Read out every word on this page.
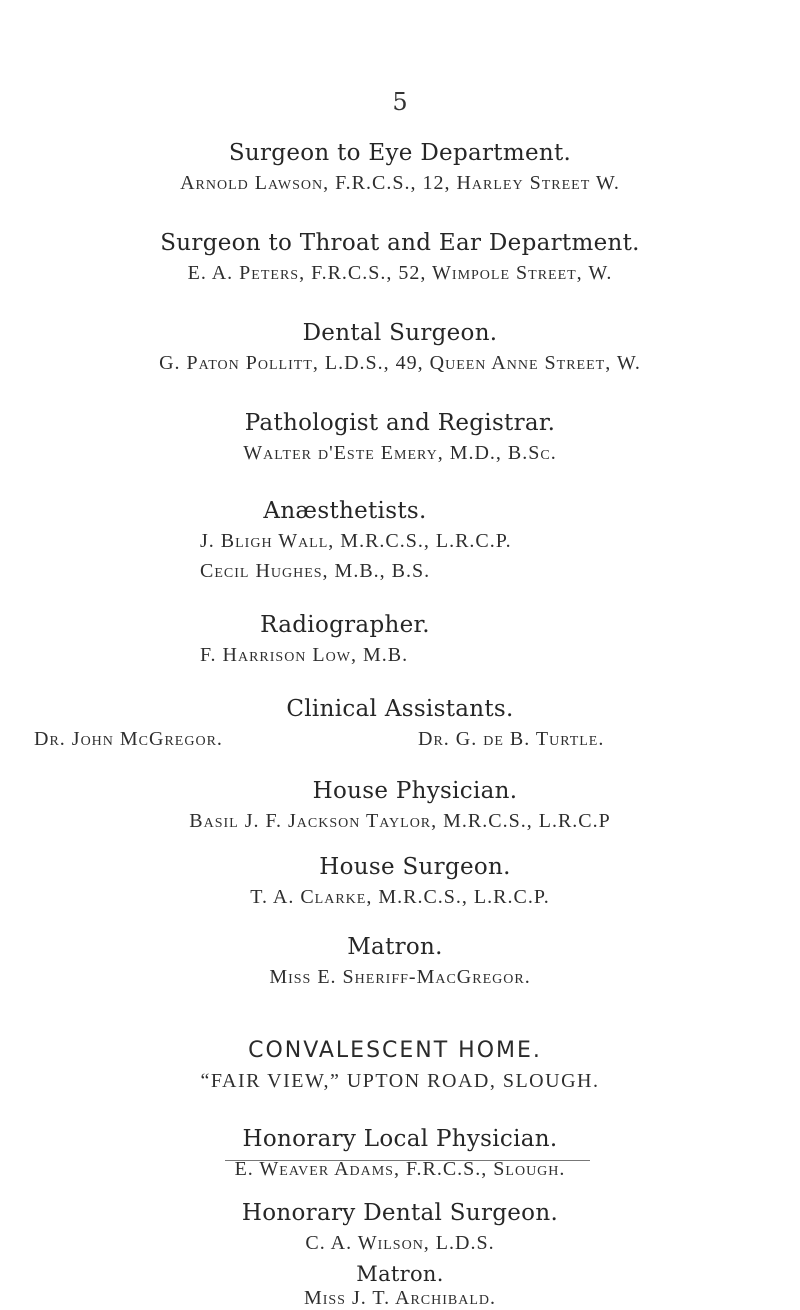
5
Surgeon to Eye Department.
Arnold Lawson, F.R.C.S., 12, Harley Street W.
Surgeon to Throat and Ear Department.
E. A. Peters, F.R.C.S., 52, Wimpole Street, W.
Dental Surgeon.
G. Paton Pollitt, L.D.S., 49, Queen Anne Street, W.
Pathologist and Registrar.
Walter d'Este Emery, M.D., B.Sc.
Anæsthetists.
J. Bligh Wall, M.R.C.S., L.R.C.P.
Cecil Hughes, M.B., B.S.
Radiographer.
F. Harrison Low, M.B.
Clinical Assistants.
Dr. John McGregor.	Dr. G. de B. Turtle.
House Physician.
Basil J. F. Jackson Taylor, M.R.C.S., L.R.C.P
House Surgeon.
T. A. Clarke, M.R.C.S., L.R.C.P.
Matron.
Miss E. Sheriff-MacGregor.
CONVALESCENT HOME.
“FAIR VIEW,” UPTON ROAD, SLOUGH.
Honorary Local Physician.
E. Weaver Adams, F.R.C.S., Slough.
Honorary Dental Surgeon.
C. A. Wilson, L.D.S.
Matron.
Miss J. T. Archibald.
